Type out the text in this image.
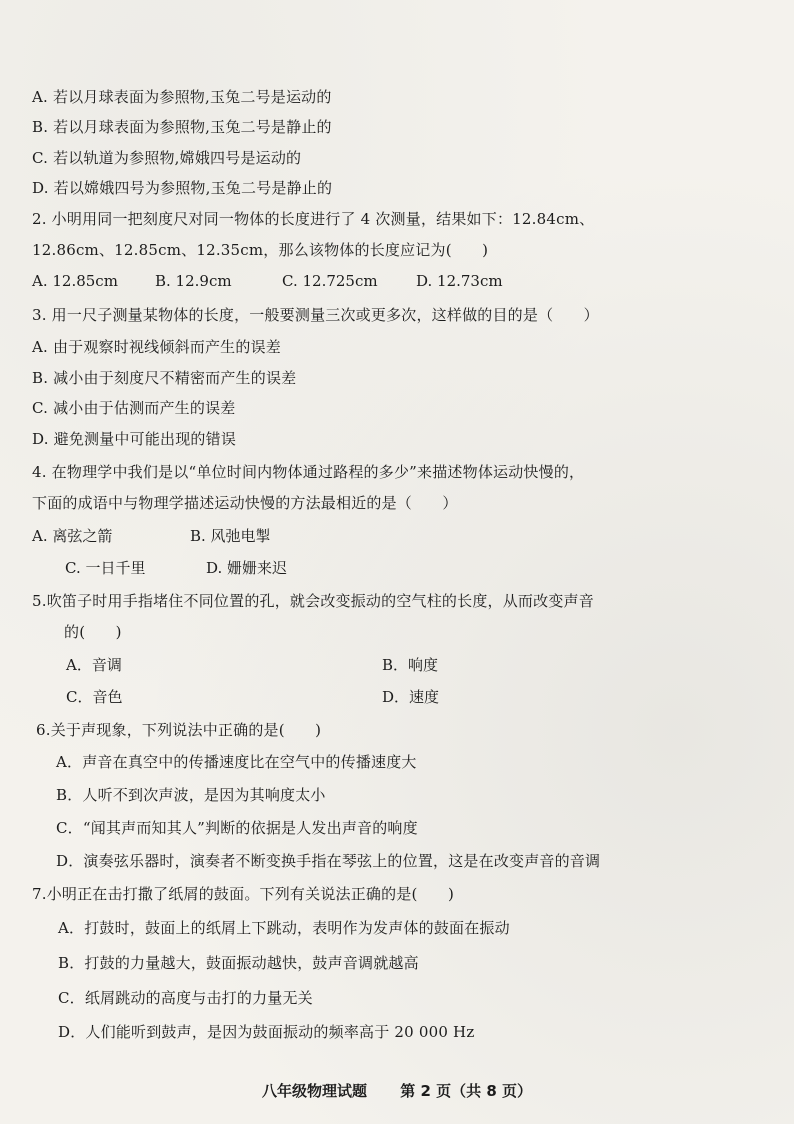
A. 若以月球表面为参照物,玉兔二号是运动的
B. 若以月球表面为参照物,玉兔二号是静止的
C. 若以轨道为参照物,嫦娥四号是运动的
D. 若以嫦娥四号为参照物,玉兔二号是静止的
2. 小明用同一把刻度尺对同一物体的长度进行了 4 次测量，结果如下：12.84cm、
12.86cm、12.85cm、12.35cm，那么该物体的长度应记为(　　)
A. 12.85cm B. 12.9cm	C. 12.725cm	D. 12.73cm
3. 用一尺子测量某物体的长度，一般要测量三次或更多次，这样做的目的是（　　）
A. 由于观察时视线倾斜而产生的误差
B. 减小由于刻度尺不精密而产生的误差
C. 减小由于估测而产生的误差
D. 避免测量中可能出现的错误
4. 在物理学中我们是以“单位时间内物体通过路程的多少”来描述物体运动快慢的，
下面的成语中与物理学描述运动快慢的方法最相近的是（　　）
A. 离弦之箭	B. 风弛电掣
C. 一日千里	D. 姗姗来迟
5.吹笛子时用手指堵住不同位置的孔，就会改变振动的空气柱的长度，从而改变声音
的(　　)
A．音调	B．响度
C．音色	D．速度
6.关于声现象，下列说法中正确的是(　　)
A．声音在真空中的传播速度比在空气中的传播速度大
B．人听不到次声波，是因为其响度太小
C．“闻其声而知其人”判断的依据是人发出声音的响度
D．演奏弦乐器时，演奏者不断变换手指在琴弦上的位置，这是在改变声音的音调
7.小明正在击打撒了纸屑的鼓面。下列有关说法正确的是(　　)
A．打鼓时，鼓面上的纸屑上下跳动，表明作为发声体的鼓面在振动
B．打鼓的力量越大，鼓面振动越快，鼓声音调就越高
C．纸屑跳动的高度与击打的力量无关
D．人们能听到鼓声，是因为鼓面振动的频率高于 20 000 Hz
八年级物理试题 第 2 页（共 8 页）
